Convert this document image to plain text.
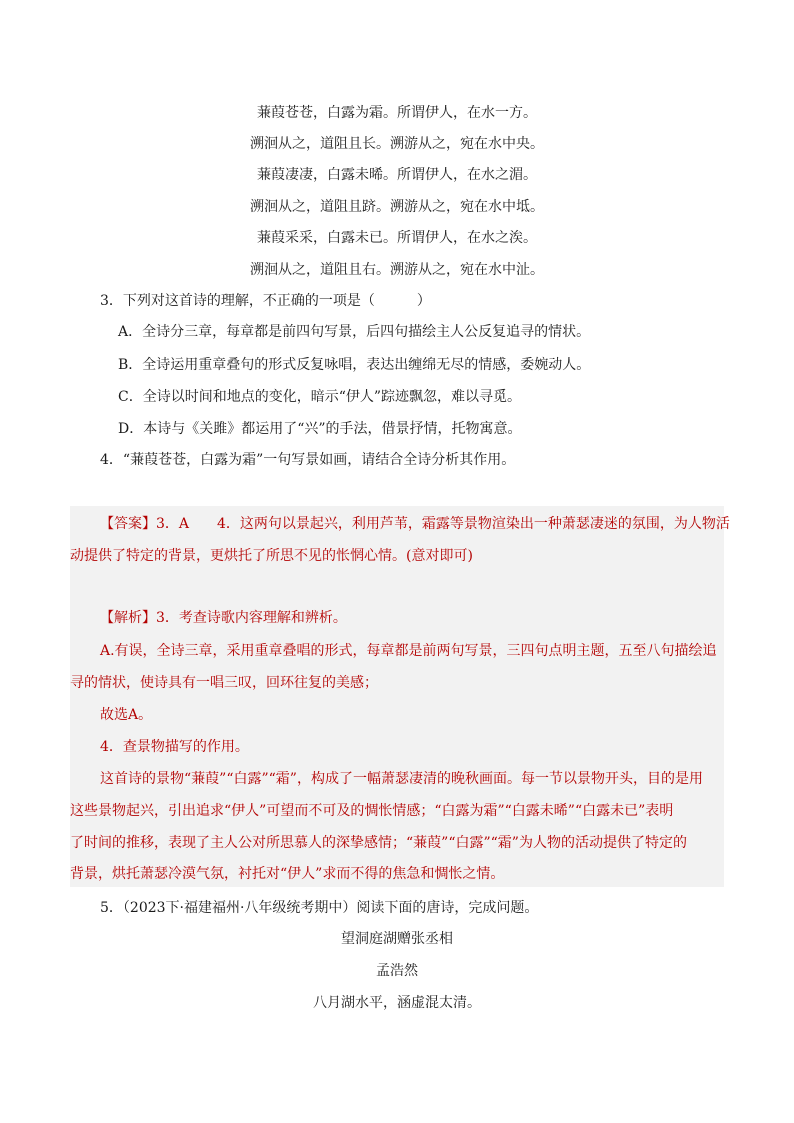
蒹葭苍苍，白露为霜。所谓伊人，在水一方。
溯洄从之，道阻且长。溯游从之，宛在水中央。
蒹葭凄凄，白露未晞。所谓伊人，在水之湄。
溯洄从之，道阻且跻。溯游从之，宛在水中坻。
蒹葭采采，白露未已。所谓伊人，在水之涘。
溯洄从之，道阻且右。溯游从之，宛在水中沚。
3．下列对这首诗的理解，不正确的一项是（　　　）
A．全诗分三章，每章都是前四句写景，后四句描绘主人公反复追寻的情状。
B．全诗运用重章叠句的形式反复咏唱，表达出缠绵无尽的情感，委婉动人。
C．全诗以时间和地点的变化，暗示“伊人”踪迹飘忽，难以寻觅。
D．本诗与《关雎》都运用了“兴”的手法，借景抒情，托物寓意。
4．“蒹葭苍苍，白露为霜”一句写景如画，请结合全诗分析其作用。
【答案】3．A　　4．这两句以景起兴，利用芦苇，霜露等景物渲染出一种萧瑟凄迷的氛围，为人物活
动提供了特定的背景，更烘托了所思不见的怅惘心情。(意对即可)
【解析】3．考查诗歌内容理解和辨析。
A.有误，全诗三章，采用重章叠唱的形式，每章都是前两句写景，三四句点明主题，五至八句描绘追
寻的情状，使诗具有一唱三叹，回环往复的美感；
故选A。
4．查景物描写的作用。
这首诗的景物“蒹葭”“白露”“霜”，构成了一幅萧瑟凄清的晚秋画面。每一节以景物开头，目的是用
这些景物起兴，引出追求“伊人”可望而不可及的惆怅情感；“白露为霜”“白露未晞”“白露未已”表明
了时间的推移，表现了主人公对所思慕人的深挚感情；“蒹葭”“白露”“霜”为人物的活动提供了特定的
背景，烘托萧瑟冷漠气氛，衬托对“伊人”求而不得的焦急和惆怅之情。
5．（2023下·福建福州·八年级统考期中）阅读下面的唐诗，完成问题。
望洞庭湖赠张丞相
孟浩然
八月湖水平，涵虚混太清。
